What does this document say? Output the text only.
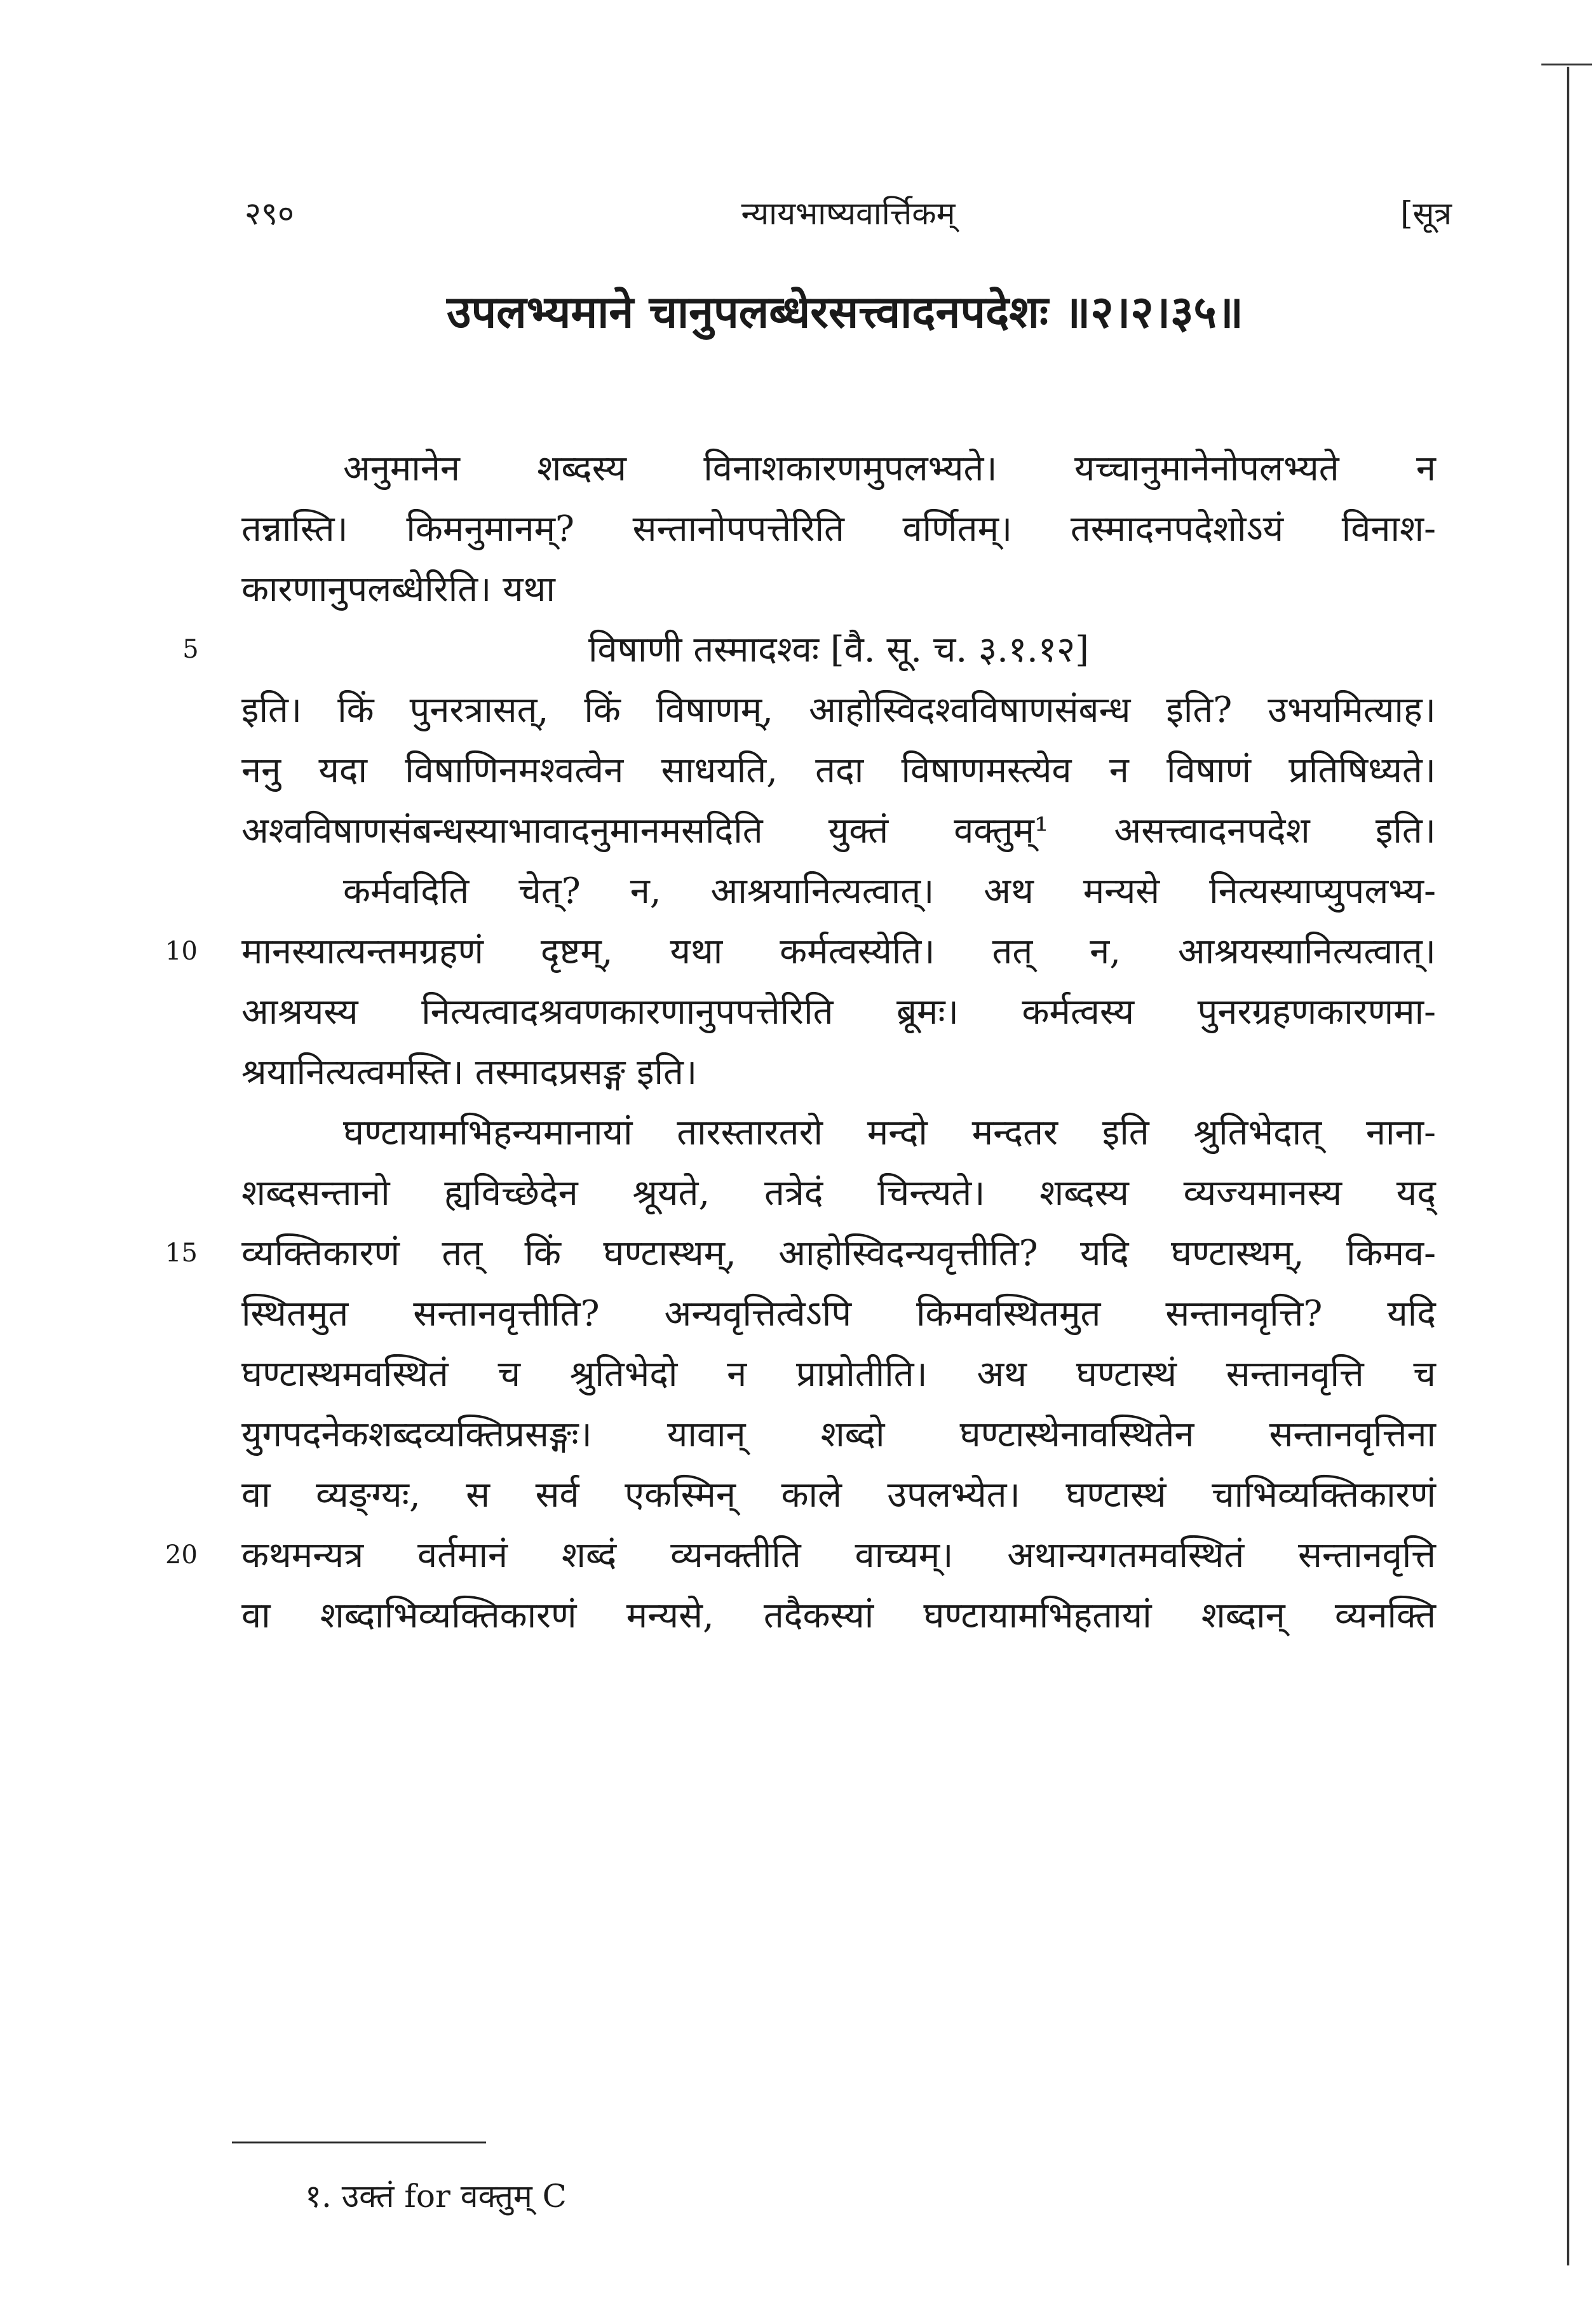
२९०	न्यायभाष्यवार्त्तिकम्	[सूत्र
उपलभ्यमाने चानुपलब्धेरसत्त्वादनपदेशः ॥२।२।३५॥
अनुमानेन शब्दस्य विनाशकारणमुपलभ्यते। यच्चानुमानेनोपलभ्यते न
तन्नास्ति। किमनुमानम्? सन्तानोपपत्तेरिति वर्णितम्। तस्मादनपदेशोऽयं विनाश-
कारणानुपलब्धेरिति। यथा
5	विषाणी तस्मादश्वः [वै. सू. च. ३.१.१२]
इति। किं पुनरत्रासत्, किं विषाणम्, आहोस्विदश्वविषाणसंबन्ध इति? उभयमित्याह।
ननु यदा विषाणिनमश्वत्वेन साधयति, तदा विषाणमस्त्येव न विषाणं प्रतिषिध्यते।
अश्वविषाणसंबन्धस्याभावादनुमानमसदिति युक्तं वक्तुम्¹ असत्त्वादनपदेश इति।
कर्मवदिति चेत्? न, आश्रयानित्यत्वात्। अथ मन्यसे नित्यस्याप्युपलभ्य-
10	मानस्यात्यन्तमग्रहणं दृष्टम्, यथा कर्मत्वस्येति। तत् न, आश्रयस्यानित्यत्वात्।
आश्रयस्य नित्यत्वादश्रवणकारणानुपपत्तेरिति ब्रूमः। कर्मत्वस्य पुनरग्रहणकारणमा-
श्रयानित्यत्वमस्ति। तस्मादप्रसङ्ग इति।
घण्टायामभिहन्यमानायां तारस्तारतरो मन्दो मन्दतर इति श्रुतिभेदात् नाना-
शब्दसन्तानो ह्यविच्छेदेन श्रूयते, तत्रेदं चिन्त्यते। शब्दस्य व्यज्यमानस्य यद्
15	व्यक्तिकारणं तत् किं घण्टास्थम्, आहोस्विदन्यवृत्तीति? यदि घण्टास्थम्, किमव-
स्थितमुत सन्तानवृत्तीति? अन्यवृत्तित्वेऽपि किमवस्थितमुत सन्तानवृत्ति? यदि
घण्टास्थमवस्थितं च श्रुतिभेदो न प्राप्नोतीति। अथ घण्टास्थं सन्तानवृत्ति च
युगपदनेकशब्दव्यक्तिप्रसङ्गः। यावान् शब्दो घण्टास्थेनावस्थितेन सन्तानवृत्तिना
वा व्यङ्ग्यः, स सर्व एकस्मिन् काले उपलभ्येत। घण्टास्थं चाभिव्यक्तिकारणं
20	कथमन्यत्र वर्तमानं शब्दं व्यनक्तीति वाच्यम्। अथान्यगतमवस्थितं सन्तानवृत्ति
वा शब्दाभिव्यक्तिकारणं मन्यसे, तदैकस्यां घण्टायामभिहतायां शब्दान् व्यनक्ति
१. उक्तं for वक्तुम् C
